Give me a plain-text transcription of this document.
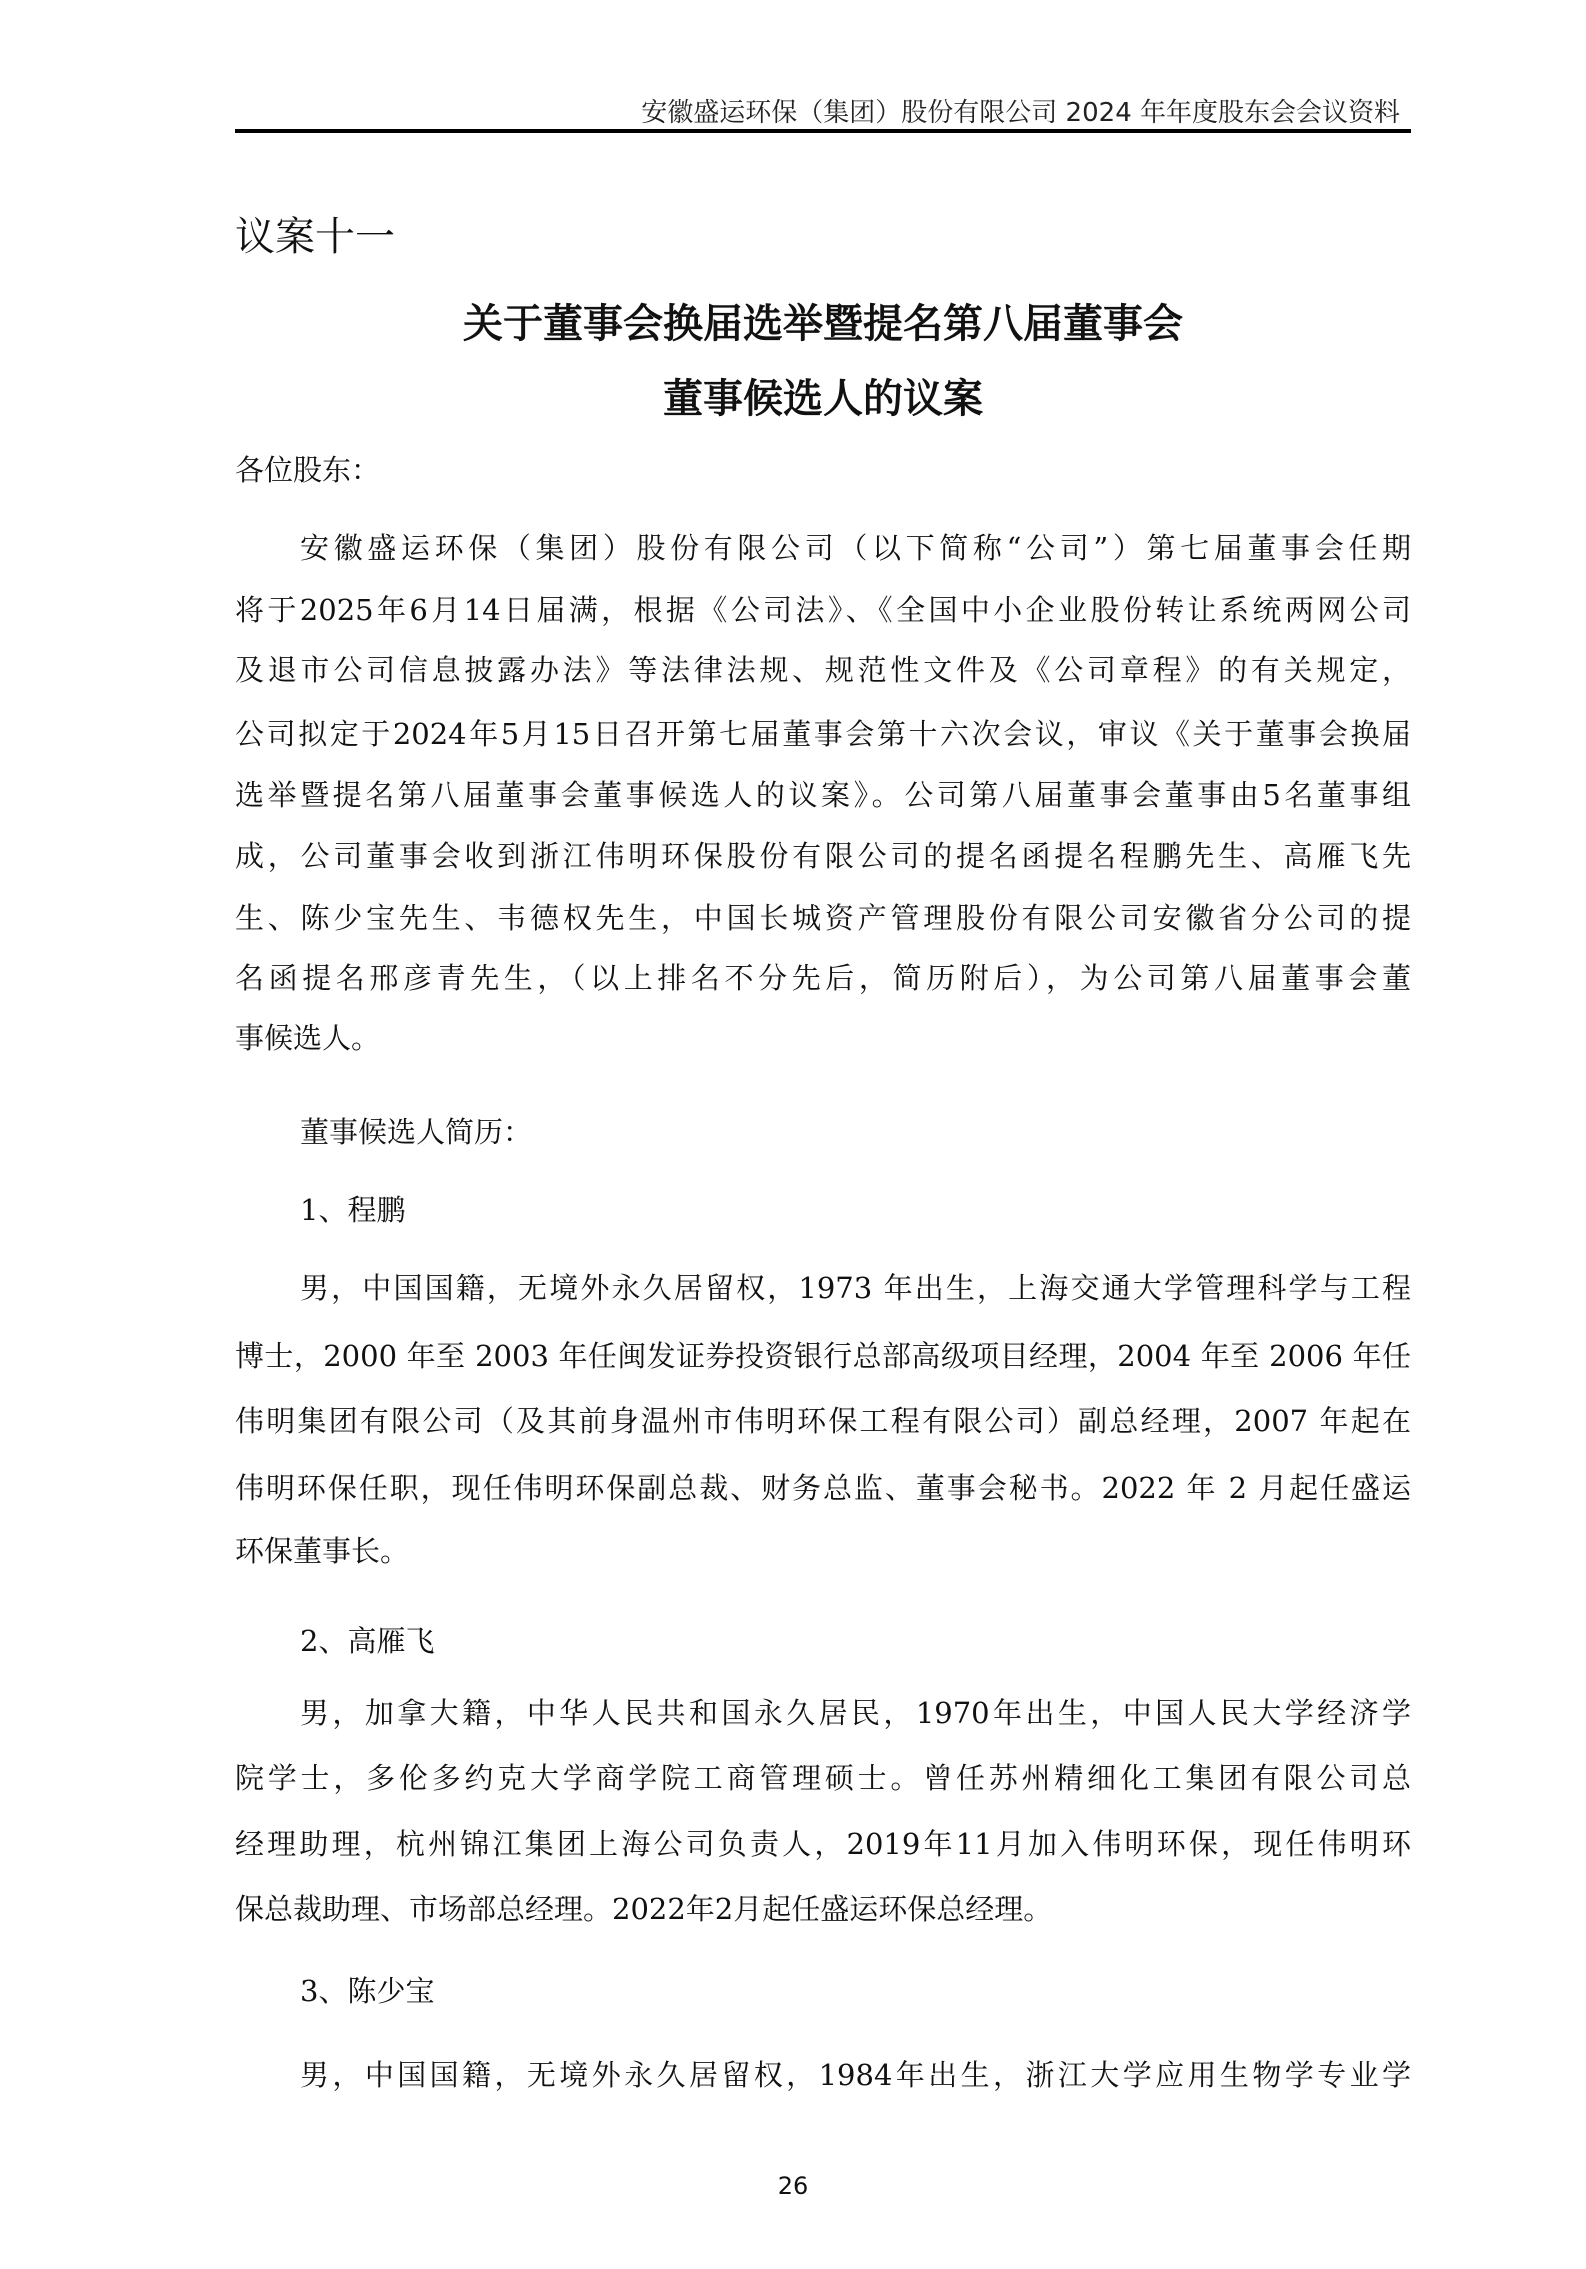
安徽盛运环保（集团）股份有限公司 2024 年年度股东会会议资料
议案十一
关于董事会换届选举暨提名第八届董事会
董事候选人的议案
各位股东：
安徽盛运环保（集团）股份有限公司（以下简称“公司”）第七届董事会任期
将于2025年6月14日届满，根据《公司法》、《全国中小企业股份转让系统两网公司
及退市公司信息披露办法》等法律法规、规范性文件及《公司章程》的有关规定，
公司拟定于2024年5月15日召开第七届董事会第十六次会议，审议《关于董事会换届
选举暨提名第八届董事会董事候选人的议案》。公司第八届董事会董事由5名董事组
成，公司董事会收到浙江伟明环保股份有限公司的提名函提名程鹏先生、高雁飞先
生、陈少宝先生、韦德权先生，中国长城资产管理股份有限公司安徽省分公司的提
名函提名邢彦青先生，（以上排名不分先后，简历附后），为公司第八届董事会董
事候选人。
董事候选人简历：
1、程鹏
男，中国国籍，无境外永久居留权，1973 年出生，上海交通大学管理科学与工程
博士，2000 年至 2003 年任闽发证券投资银行总部高级项目经理，2004 年至 2006 年任
伟明集团有限公司（及其前身温州市伟明环保工程有限公司）副总经理，2007 年起在
伟明环保任职，现任伟明环保副总裁、财务总监、董事会秘书。2022 年 2 月起任盛运
环保董事长。
2、高雁飞
男，加拿大籍，中华人民共和国永久居民，1970年出生，中国人民大学经济学
院学士，多伦多约克大学商学院工商管理硕士。曾任苏州精细化工集团有限公司总
经理助理，杭州锦江集团上海公司负责人，2019年11月加入伟明环保，现任伟明环
保总裁助理、市场部总经理。2022年2月起任盛运环保总经理。
3、陈少宝
男，中国国籍，无境外永久居留权，1984年出生，浙江大学应用生物学专业学
26
